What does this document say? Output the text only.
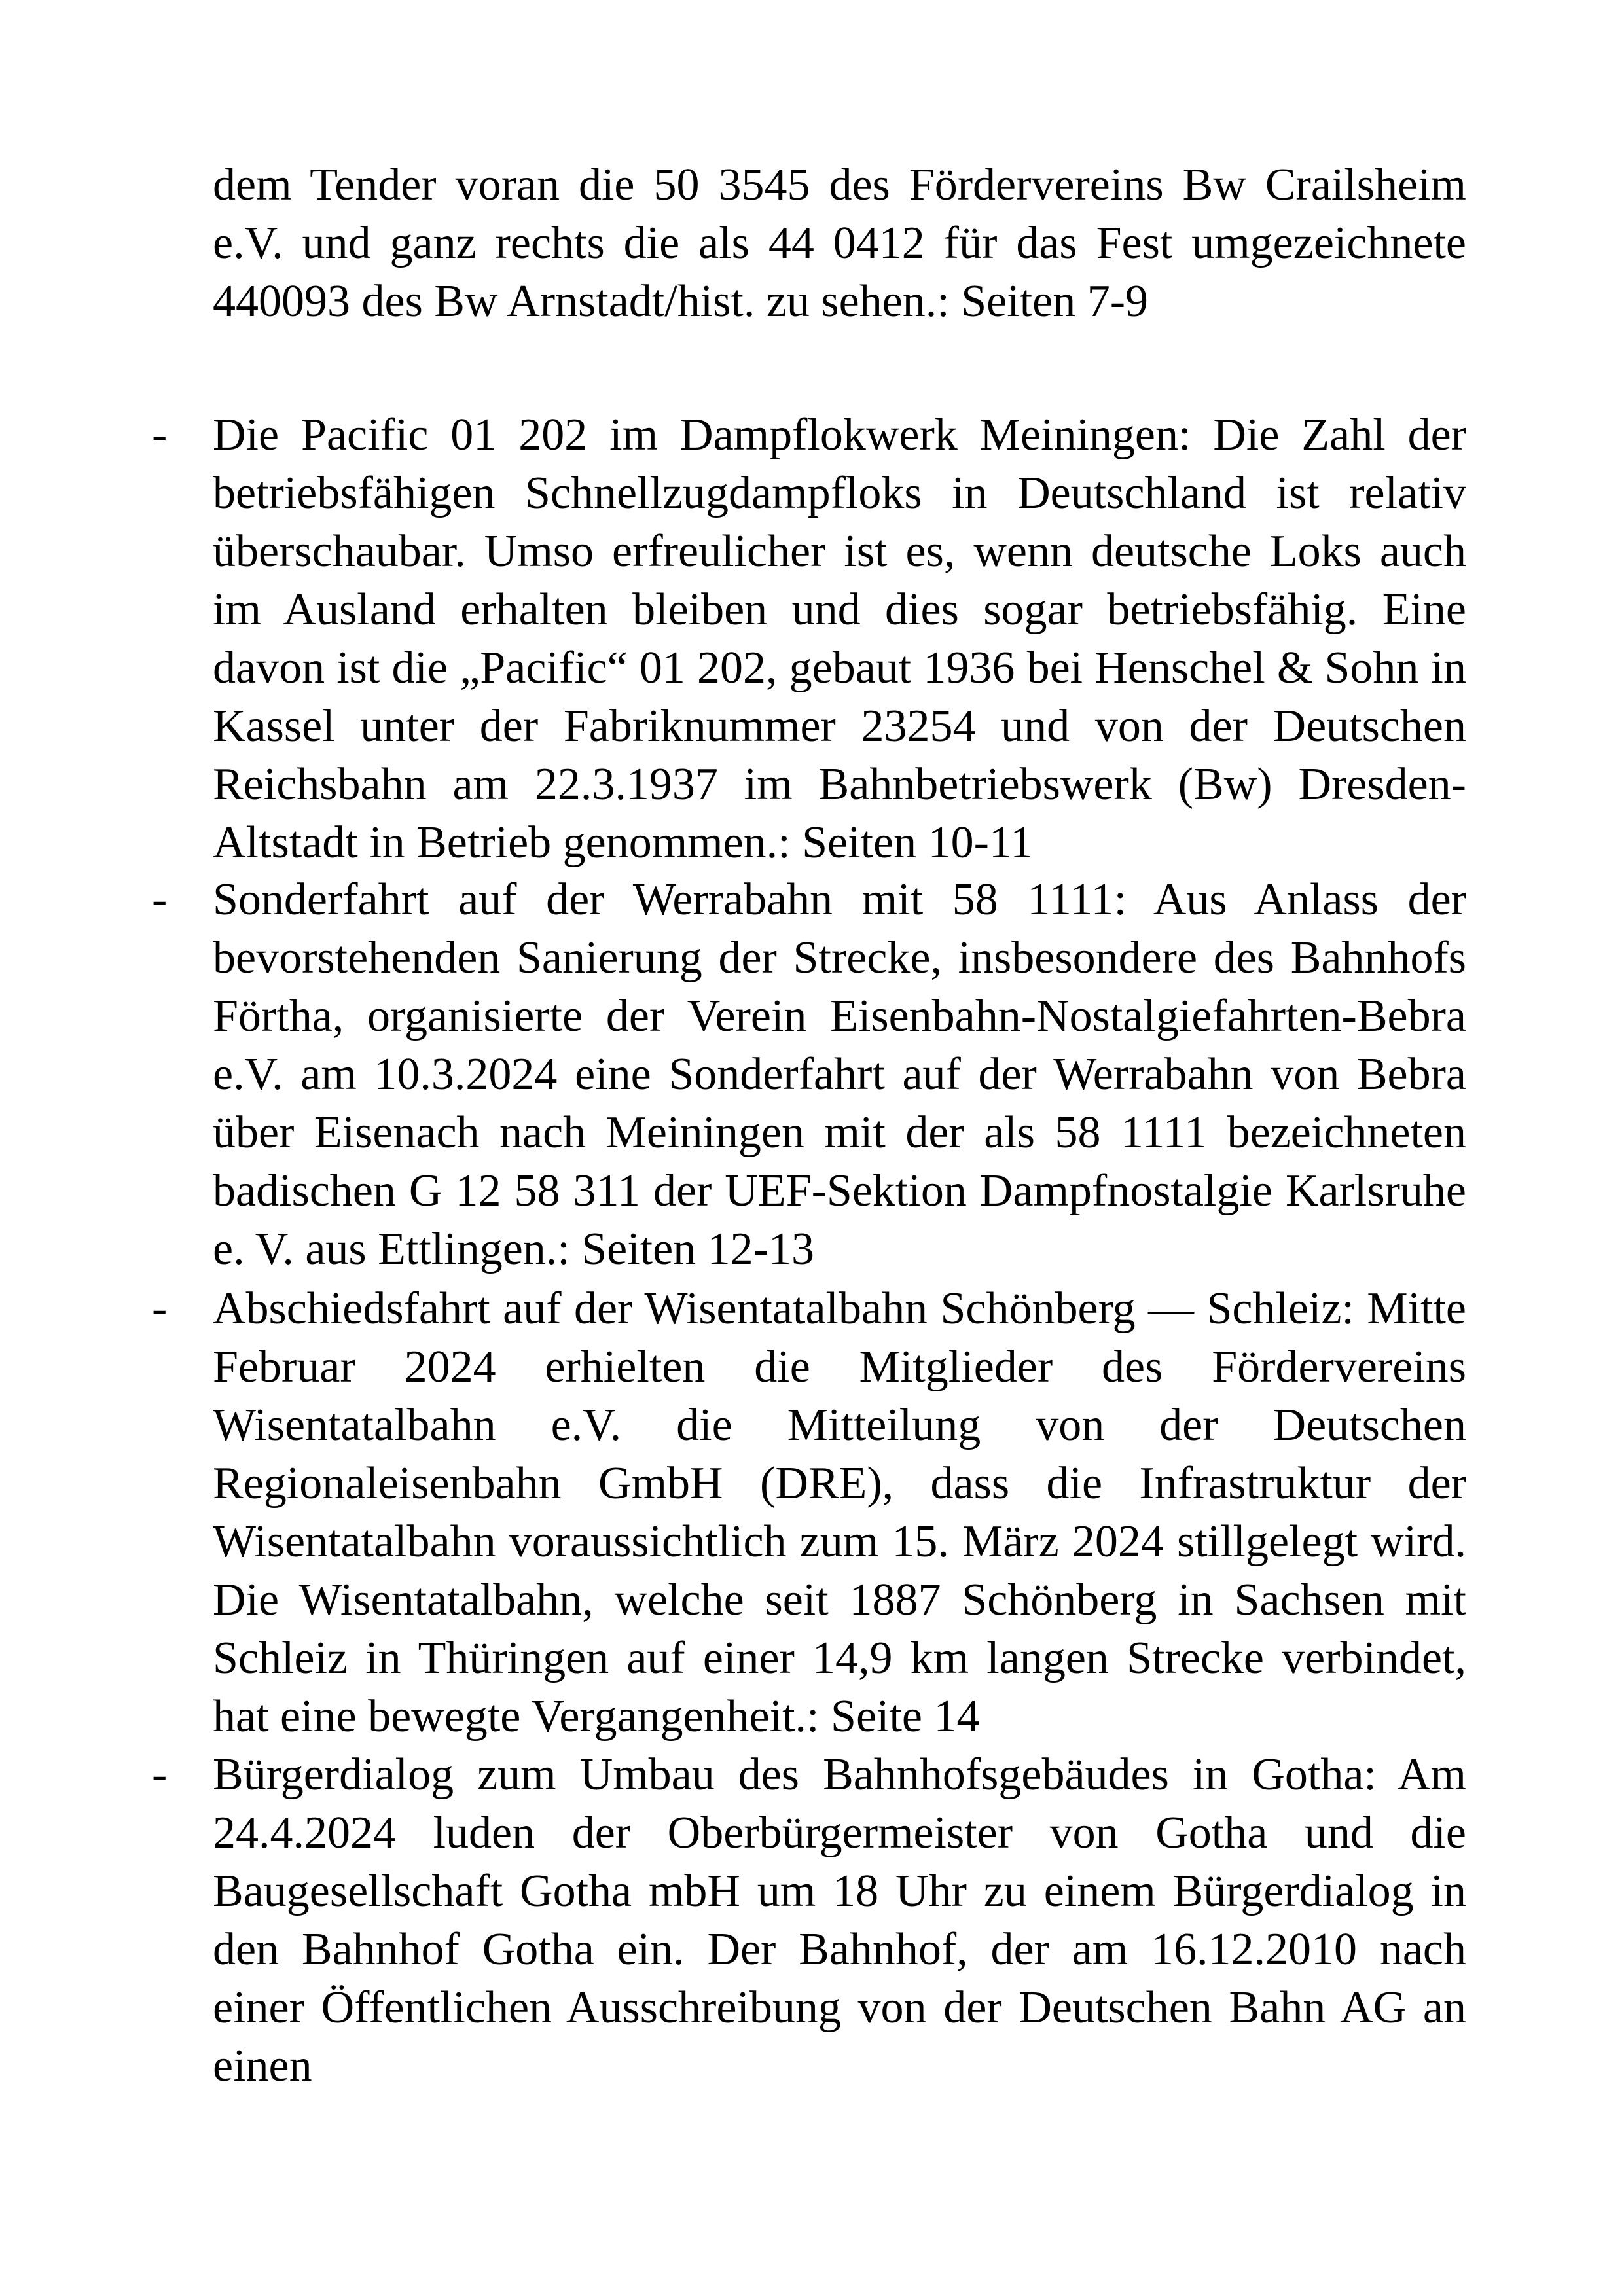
dem Tender voran die 50 3545 des Fördervereins Bw Crailsheim e.V. und ganz rechts die als 44 0412 für das Fest umgezeichnete 440093 des Bw Arnstadt/hist. zu sehen.: Seiten 7-9

- Die Pacific 01 202 im Dampflokwerk Meiningen: Die Zahl der betriebsfähigen Schnellzugdampfloks in Deutschland ist relativ überschaubar. Umso erfreulicher ist es, wenn deutsche Loks auch im Ausland erhalten bleiben und dies sogar betriebsfähig. Eine davon ist die „Pacific“ 01 202, gebaut 1936 bei Henschel & Sohn in Kassel unter der Fabriknummer 23254 und von der Deutschen Reichsbahn am 22.3.1937 im Bahnbetriebswerk (Bw) Dresden-Altstadt in Betrieb genommen.: Seiten 10-11

- Sonderfahrt auf der Werrabahn mit 58 1111: Aus Anlass der bevorstehenden Sanierung der Strecke, insbesondere des Bahnhofs Förtha, organisierte der Verein Eisenbahn-Nostalgiefahrten-Bebra e.V. am 10.3.2024 eine Sonderfahrt auf der Werrabahn von Bebra über Eisenach nach Meiningen mit der als 58 1111 bezeichneten badischen G 12 58 311 der UEF-Sektion Dampfnostalgie Karlsruhe e. V. aus Ettlingen.: Seiten 12-13

- Abschiedsfahrt auf der Wisentatalbahn Schönberg — Schleiz: Mitte Februar 2024 erhielten die Mitglieder des Fördervereins Wisentatalbahn e.V. die Mitteilung von der Deutschen Regionaleisenbahn GmbH (DRE), dass die Infrastruktur der Wisentatalbahn voraussichtlich zum 15. März 2024 stillgelegt wird. Die Wisentatalbahn, welche seit 1887 Schönberg in Sachsen mit Schleiz in Thüringen auf einer 14,9 km langen Strecke verbindet, hat eine bewegte Vergangenheit.: Seite 14

- Bürgerdialog zum Umbau des Bahnhofsgebäudes in Gotha: Am 24.4.2024 luden der Oberbürgermeister von Gotha und die Baugesellschaft Gotha mbH um 18 Uhr zu einem Bürgerdialog in den Bahnhof Gotha ein. Der Bahnhof, der am 16.12.2010 nach einer Öffentlichen Ausschreibung von der Deutschen Bahn AG an einen
